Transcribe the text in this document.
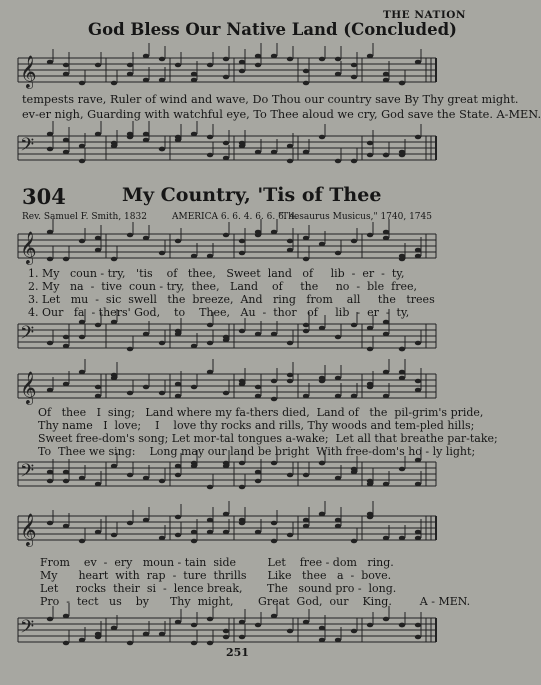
THE NATION
God Bless Our Native Land (Concluded)
𝄞
tempests rave, Ruler of wind and wave, Do Thou our country save By Thy great might.
ev-er nigh, Guarding with watchful eye, To Thee aloud we cry, God save the State. A-MEN.
𝄢
304	My Country, 'Tis of Thee
Rev. Samuel F. Smith, 1832	AMERICA 6. 6. 4. 6. 6. 6. 4.
"Thesaurus Musicus," 1740, 1745
𝄞
1. My   coun - try,   'tis    of   thee,   Sweet  land   of     lib  -  er  -  ty,
2. My   na  -  tive  coun - try,  thee,   Land    of     the     no  -  ble  free,
3. Let   mu  -  sic  swell   the  breeze,  And   ring   from    all     the   trees
4. Our   fa  - thers' God,    to    Thee,   Au  -  thor   of     lib  -  er  -  ty,
𝄢
𝄞
Of   thee   I  sing;   Land where my fa-thers died,  Land of   the  pil-grim's pride,
Thy name   I  love;    I    love thy rocks and rills, Thy woods and tem-pled hills;
Sweet free-dom's song; Let mor-tal tongues a-wake;  Let all that breathe par-take;
To  Thee we sing:    Long may our land be bright  With free-dom's ho - ly light;
𝄢
𝄞
From    ev  -  ery   moun - tain  side         Let    free - dom   ring.
My      heart  with  rap  -  ture  thrills      Like   thee   a  -  bove.
Let     rocks  their  si  -  lence break,       The   sound pro -  long.
Pro  -  tect   us    by      Thy  might,       Great  God,  our    King.        A - MEN.
𝄢
251
